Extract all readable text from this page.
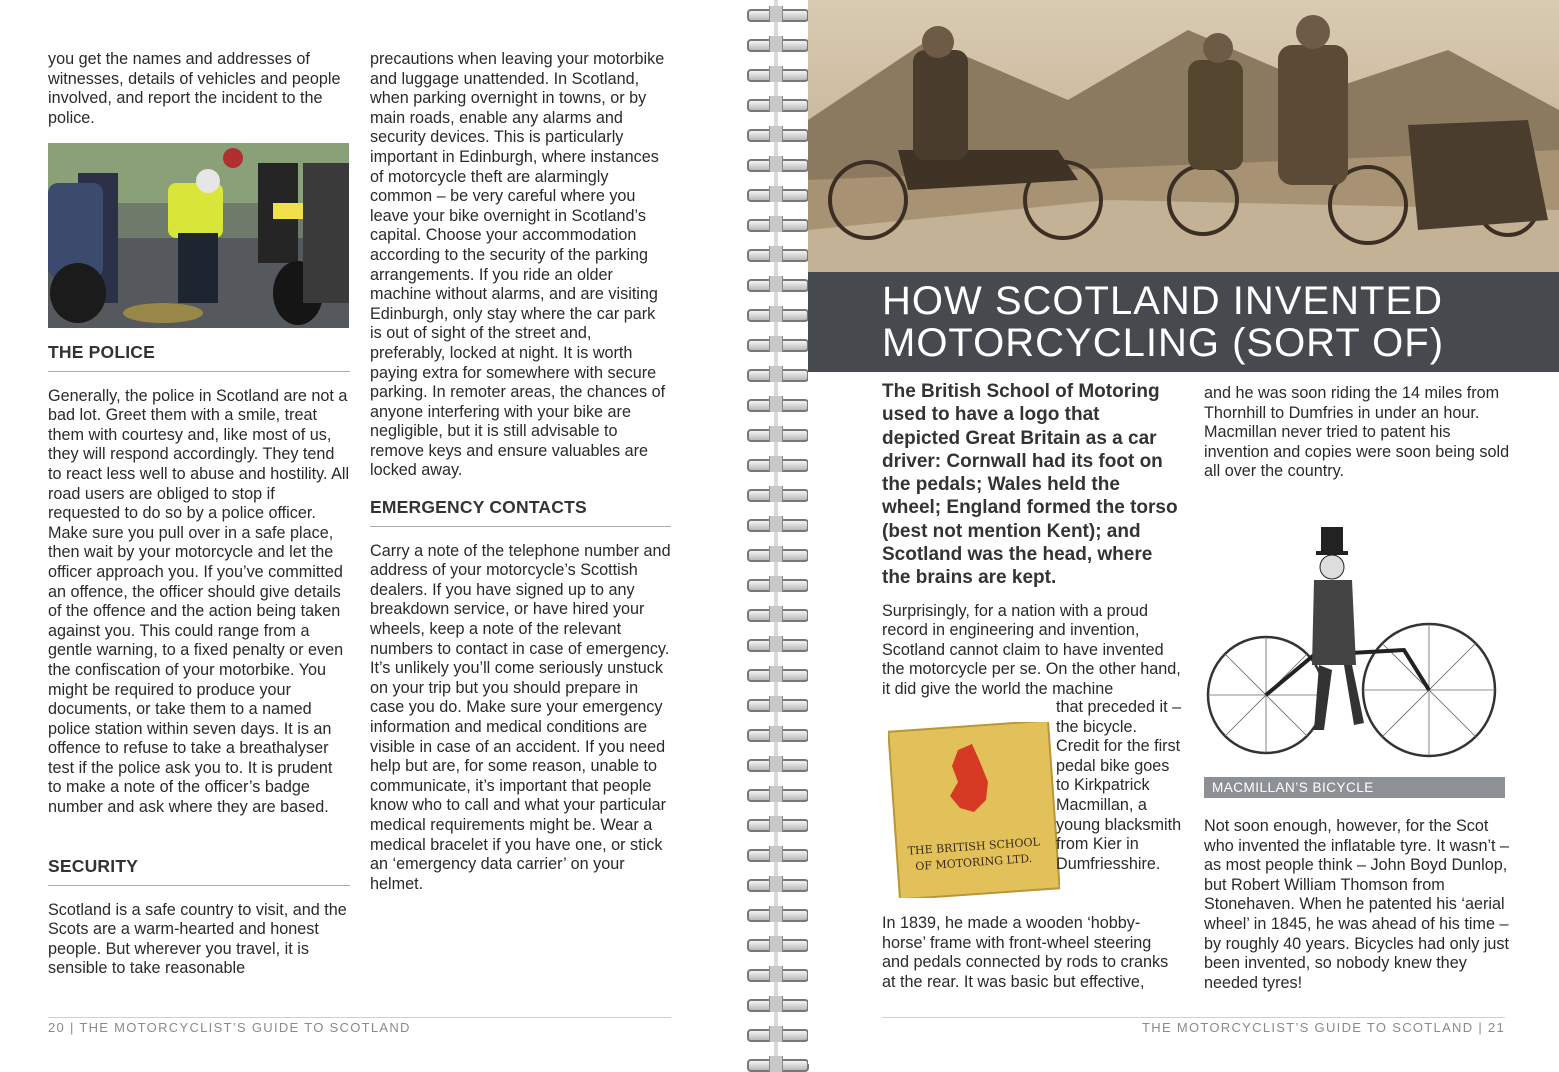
you get the names and addresses of witnesses, details of vehicles and people involved, and report the incident to the police.

THE POLICE

Generally, the police in Scotland are not a bad lot. Greet them with a smile, treat them with courtesy and, like most of us, they will respond accordingly. They tend to react less well to abuse and hostility. All road users are obliged to stop if requested to do so by a police officer. Make sure you pull over in a safe place, then wait by your motorcycle and let the officer approach you. If you’ve committed an offence, the officer should give details of the offence and the action being taken against you. This could range from a gentle warning, to a fixed penalty or even the confiscation of your motorbike. You might be required to produce your documents, or take them to a named police station within seven days. It is an offence to refuse to take a breathalyser test if the police ask you to. It is prudent to make a note of the officer’s badge number and ask where they are based.

SECURITY

Scotland is a safe country to visit, and the Scots are a warm-hearted and honest people. But wherever you travel, it is sensible to take reasonable

precautions when leaving your motorbike and luggage unattended. In Scotland, when parking overnight in towns, or by main roads, enable any alarms and security devices. This is particularly important in Edinburgh, where instances of motorcycle theft are alarmingly common – be very careful where you leave your bike overnight in Scotland’s capital. Choose your accommodation according to the security of the parking arrangements. If you ride an older machine without alarms, and are visiting Edinburgh, only stay where the car park is out of sight of the street and, preferably, locked at night. It is worth paying extra for somewhere with secure parking. In remoter areas, the chances of anyone interfering with your bike are negligible, but it is still advisable to remove keys and ensure valuables are locked away.

EMERGENCY CONTACTS

Carry a note of the telephone number and address of your motorcycle’s Scottish dealers. If you have signed up to any breakdown service, or have hired your wheels, keep a note of the relevant numbers to contact in case of emergency. It’s unlikely you’ll come seriously unstuck on your trip but you should prepare in case you do. Make sure your emergency information and medical conditions are visible in case of an accident. If you need help but are, for some reason, unable to communicate, it’s important that people know who to call and what your particular medical requirements might be. Wear a medical bracelet if you have one, or stick an ‘emergency data carrier’ on your helmet.

20 | THE MOTORCYCLIST’S GUIDE TO SCOTLAND
HOW SCOTLAND INVENTED
MOTORCYCLING (SORT OF)

The British School of Motoring used to have a logo that depicted Great Britain as a car driver: Cornwall had its foot on the pedals; Wales held the wheel; England formed the torso (best not mention Kent); and Scotland was the head, where the brains are kept.

Surprisingly, for a nation with a proud record in engineering and invention, Scotland cannot claim to have invented the motorcycle per se. On the other hand, it did give the world the machine

THE BRITISH SCHOOL
OF MOTORING LTD.

that preceded it – the bicycle. Credit for the first pedal bike goes to Kirkpatrick Macmillan, a young blacksmith from Kier in Dumfriesshire.

In 1839, he made a wooden ‘hobby-horse’ frame with front-wheel steering and pedals connected by rods to cranks at the rear. It was basic but effective,

and he was soon riding the 14 miles from Thornhill to Dumfries in under an hour. Macmillan never tried to patent his invention and copies were soon being sold all over the country.

MACMILLAN’S BICYCLE

Not soon enough, however, for the Scot who invented the inflatable tyre. It wasn’t – as most people think – John Boyd Dunlop, but Robert William Thomson from Stonehaven. When he patented his ‘aerial wheel’ in 1845, he was ahead of his time – by roughly 40 years. Bicycles had only just been invented, so nobody knew they needed tyres!

THE MOTORCYCLIST’S GUIDE TO SCOTLAND | 21
